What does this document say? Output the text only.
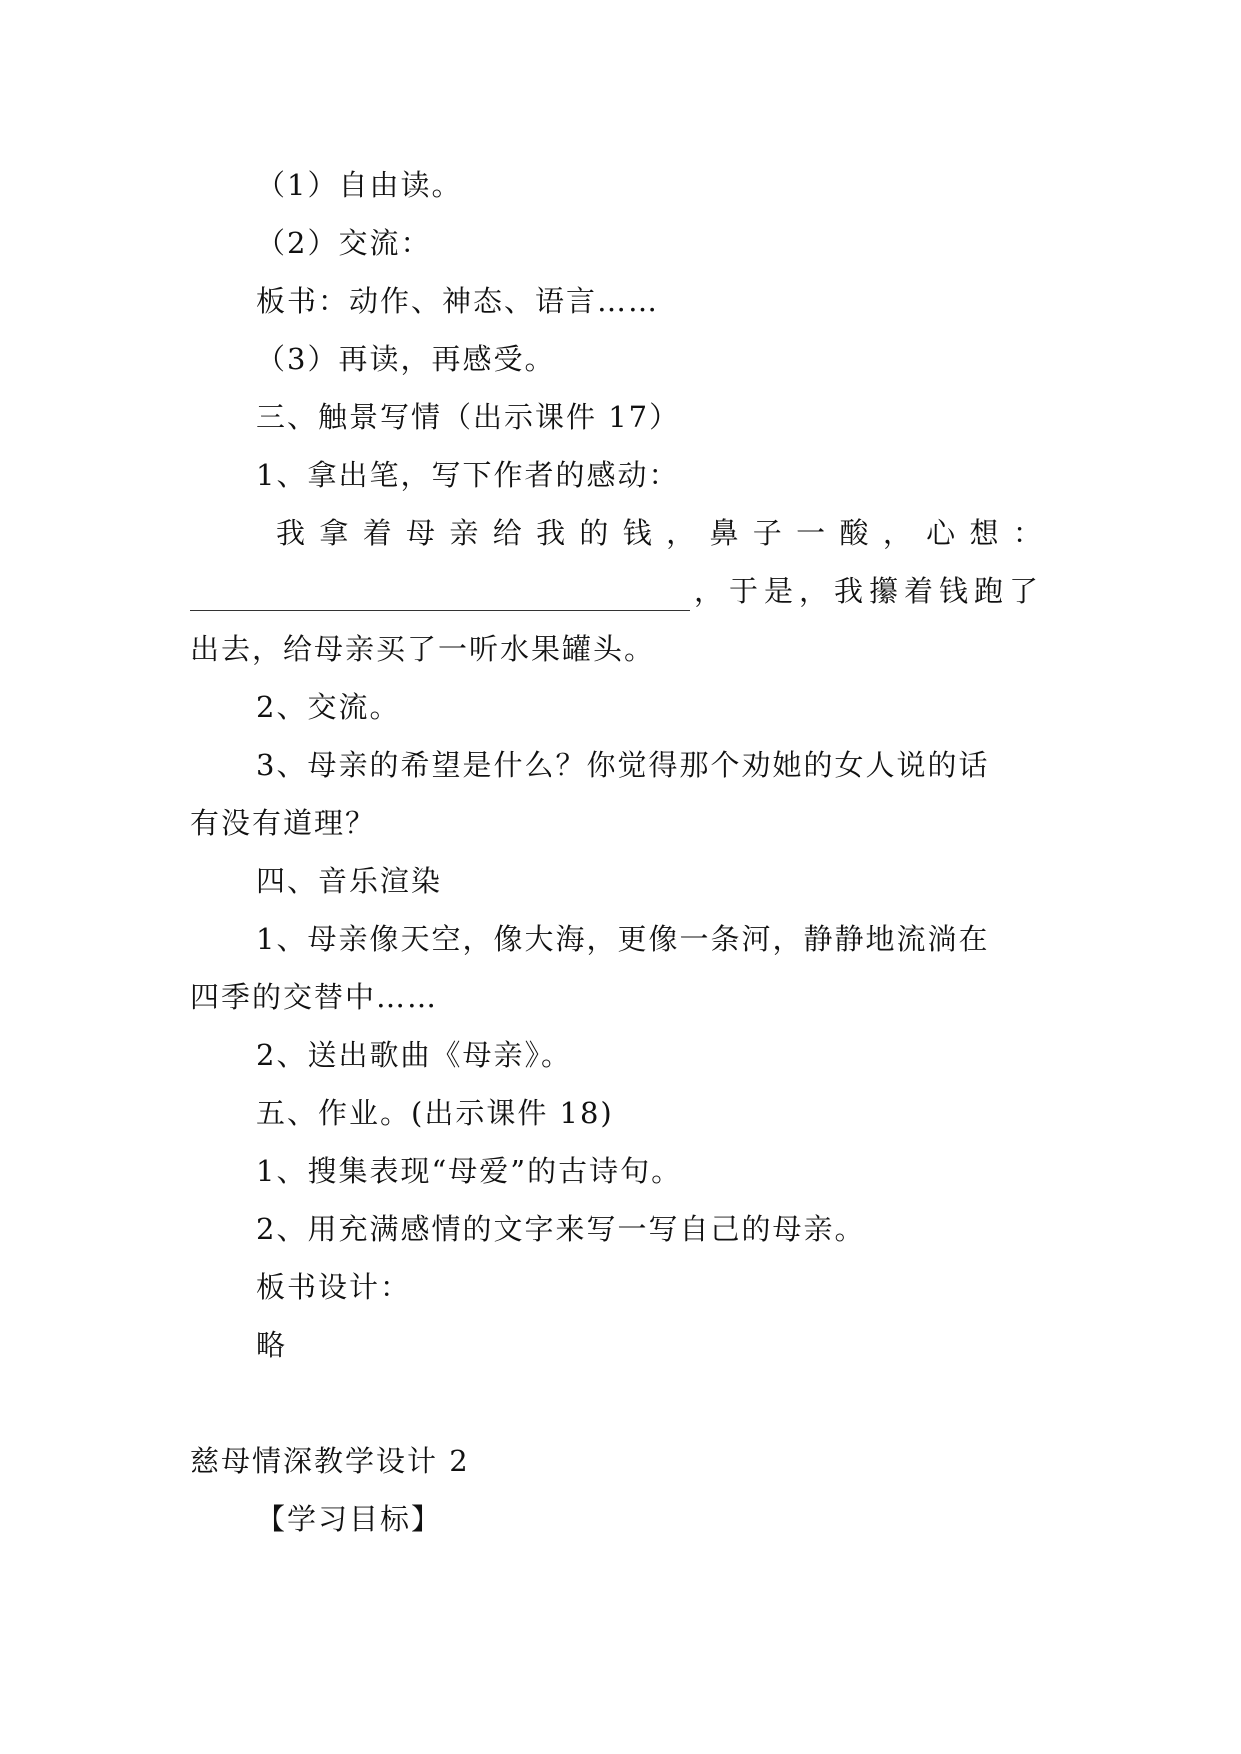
（1）自由读。
（2）交流：
板书：动作、神态、语言……
（3）再读，再感受。
三、触景写情（出示课件 17）
1、拿出笔，写下作者的感动：
我 拿 着 母 亲 给 我 的 钱 ， 鼻 子 一 酸 ， 心 想 ：
，于是，我攥着钱跑了
出去，给母亲买了一听水果罐头。
2、交流。
3、母亲的希望是什么？你觉得那个劝她的女人说的话
有没有道理？
四、音乐渲染
1、母亲像天空，像大海，更像一条河，静静地流淌在
四季的交替中……
2、送出歌曲《母亲》。
五、作业。(出示课件 18)
1、搜集表现“母爱”的古诗句。
2、用充满感情的文字来写一写自己的母亲。
板书设计：
略
慈母情深教学设计 2
【学习目标】
